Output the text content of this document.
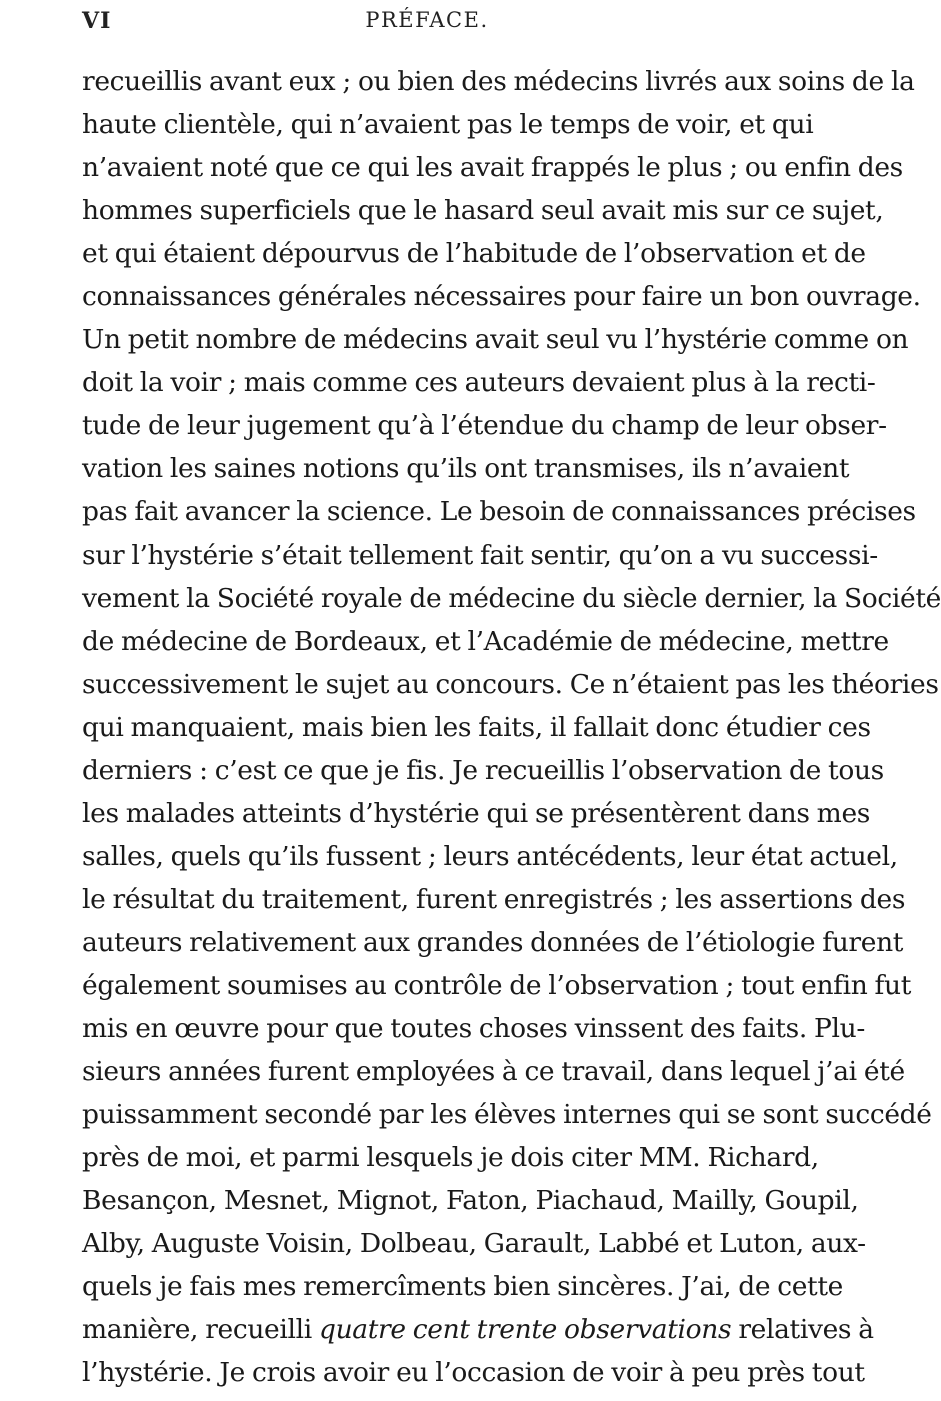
VI	PRÉFACE.
recueillis avant eux ; ou bien des médecins livrés aux soins de la
haute clientèle, qui n’avaient pas le temps de voir, et qui
n’avaient noté que ce qui les avait frappés le plus ; ou enfin des
hommes superficiels que le hasard seul avait mis sur ce sujet,
et qui étaient dépourvus de l’habitude de l’observation et de
connaissances générales nécessaires pour faire un bon ouvrage.
Un petit nombre de médecins avait seul vu l’hystérie comme on
doit la voir ; mais comme ces auteurs devaient plus à la recti-
tude de leur jugement qu’à l’étendue du champ de leur obser-
vation les saines notions qu’ils ont transmises, ils n’avaient
pas fait avancer la science. Le besoin de connaissances précises
sur l’hystérie s’était tellement fait sentir, qu’on a vu successi-
vement la Société royale de médecine du siècle dernier, la Société
de médecine de Bordeaux, et l’Académie de médecine, mettre
successivement le sujet au concours. Ce n’étaient pas les théories
qui manquaient, mais bien les faits, il fallait donc étudier ces
derniers : c’est ce que je fis. Je recueillis l’observation de tous
les malades atteints d’hystérie qui se présentèrent dans mes
salles, quels qu’ils fussent ; leurs antécédents, leur état actuel,
le résultat du traitement, furent enregistrés ; les assertions des
auteurs relativement aux grandes données de l’étiologie furent
également soumises au contrôle de l’observation ; tout enfin fut
mis en œuvre pour que toutes choses vinssent des faits. Plu-
sieurs années furent employées à ce travail, dans lequel j’ai été
puissamment secondé par les élèves internes qui se sont succédé
près de moi, et parmi lesquels je dois citer MM. Richard,
Besançon, Mesnet, Mignot, Faton, Piachaud, Mailly, Goupil,
Alby, Auguste Voisin, Dolbeau, Garault, Labbé et Luton, aux-
quels je fais mes remercîments bien sincères. J’ai, de cette
manière, recueilli quatre cent trente observations relatives à
l’hystérie. Je crois avoir eu l’occasion de voir à peu près tout
